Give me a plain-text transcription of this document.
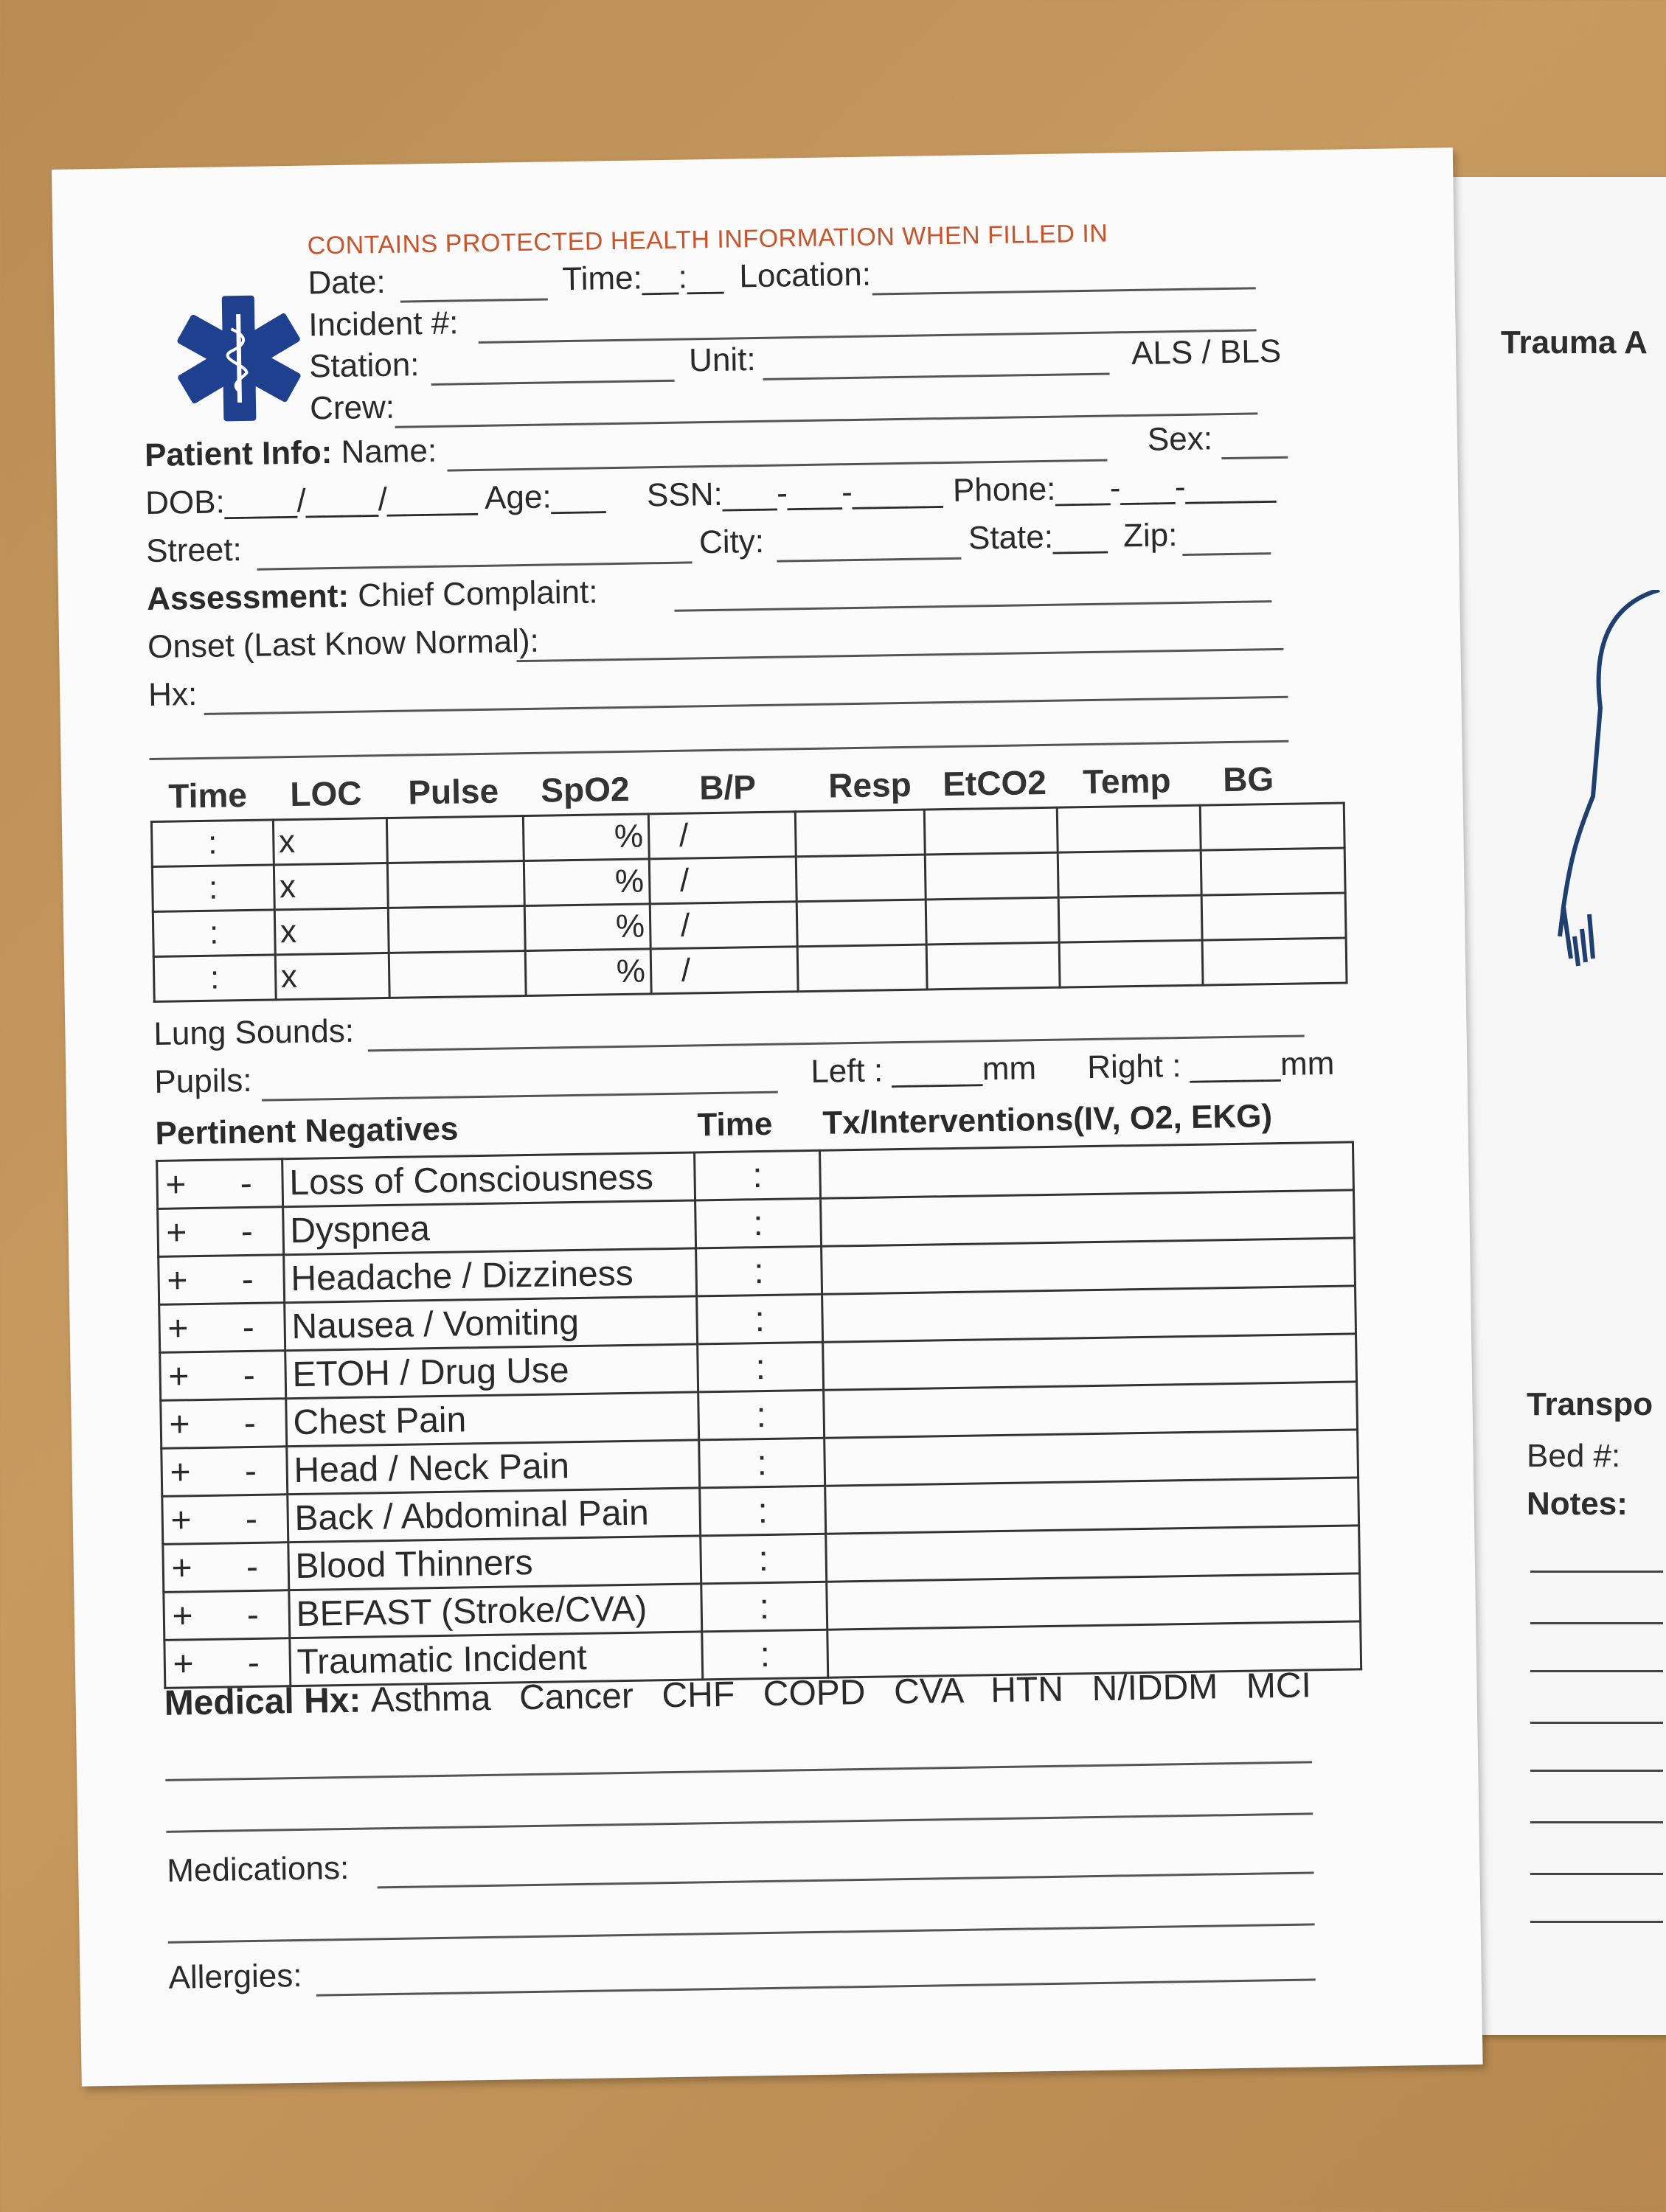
Trauma A
Transpo
Bed #:
Notes:
CONTAINS PROTECTED HEALTH INFORMATION WHEN FILLED IN
Date:	Time:__:__ Location:
Incident #:
Station:	Unit:	ALS / BLS
Crew:
Patient Info: Name:	Sex:
DOB:____/____/_____ Age:___ SSN:___-___-_____ Phone:___-___-_____
Street:	City:	State:___ Zip:
Assessment: Chief Complaint:
Onset (Last Know Normal):
Hx:
Time LOC Pulse SpO2 B/P Resp EtCO2 Temp BG
:	x		%	/				
:	x		%	/				
:	x		%	/				
:	x		%	/				
Lung Sounds:
Pupils:	Left : _____mm Right : _____mm
Pertinent Negatives	Time Tx/Interventions(IV, O2, EKG)
+ -	Loss of Consciousness	:	
+ -	Dyspnea	:	
+ -	Headache / Dizziness	:	
+ -	Nausea / Vomiting	:	
+ -	ETOH / Drug Use	:	
+ -	Chest Pain	:	
+ -	Head / Neck Pain	:	
+ -	Back / Abdominal Pain	:	
+ -	Blood Thinners	:	
+ -	BEFAST (Stroke/CVA)	:	
+ -	Traumatic Incident	:	
Medical Hx: Asthma  Cancer  CHF  COPD  CVA  HTN  N/IDDM  MCI
Medications:
Allergies:
